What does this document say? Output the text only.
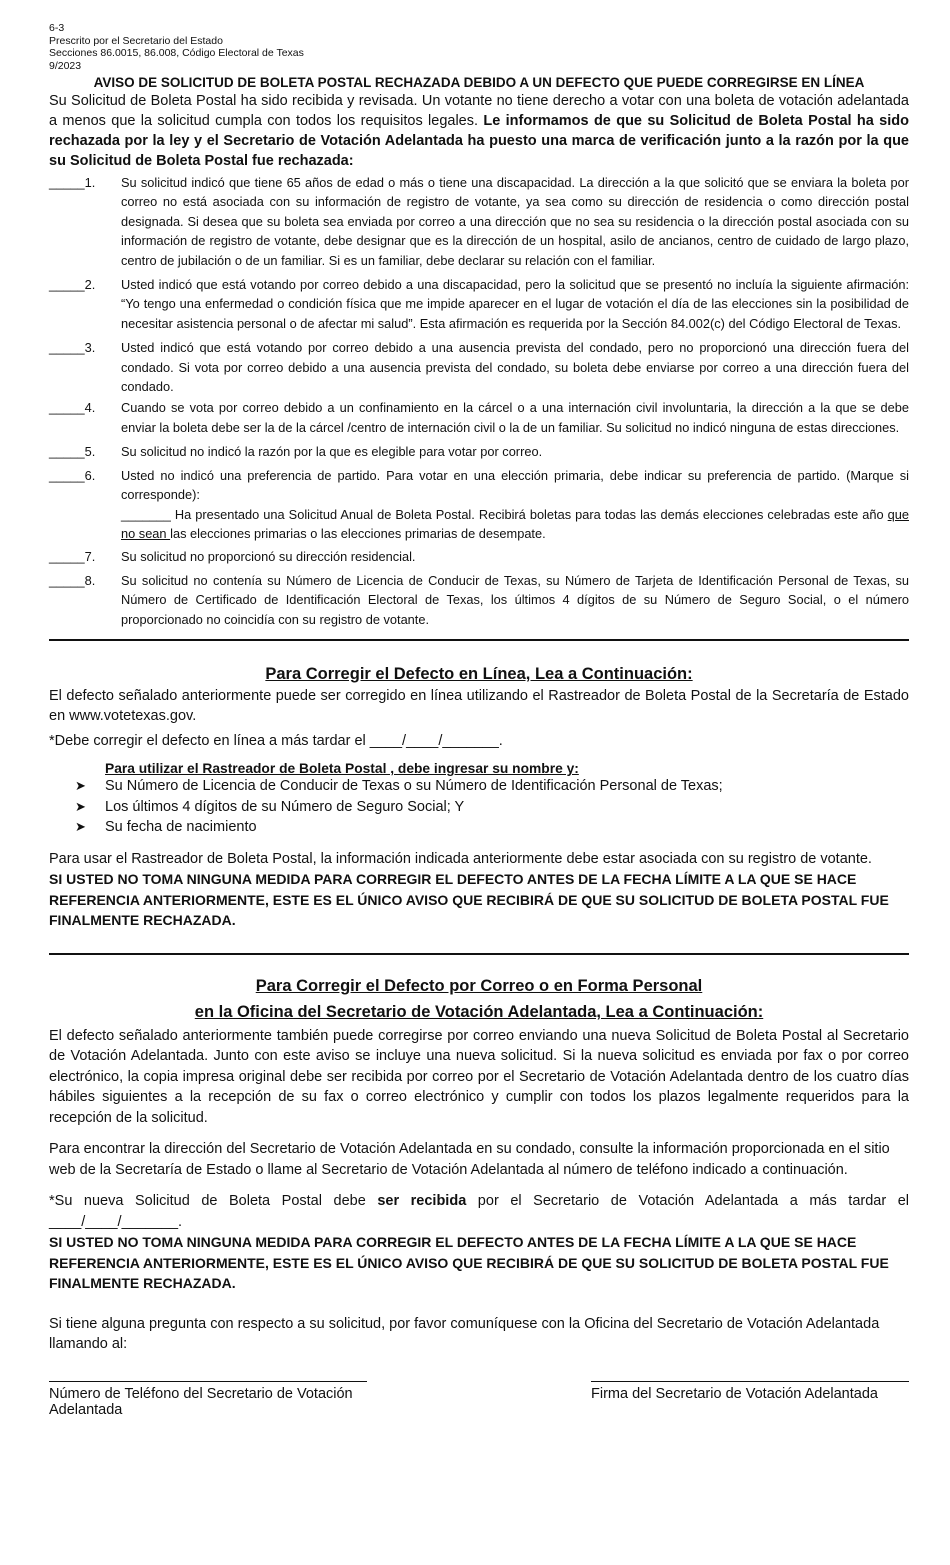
6-3
Prescrito por el Secretario del Estado
Secciones 86.0015, 86.008, Código Electoral de Texas
9/2023
AVISO DE SOLICITUD DE BOLETA POSTAL RECHAZADA DEBIDO A UN DEFECTO QUE PUEDE CORREGIRSE EN LÍNEA

Su Solicitud de Boleta Postal ha sido recibida y revisada. Un votante no tiene derecho a votar con una boleta de votación adelantada a menos que la solicitud cumpla con todos los requisitos legales. Le informamos de que su Solicitud de Boleta Postal ha sido rechazada por la ley y el Secretario de Votación Adelantada ha puesto una marca de verificación junto a la razón por la que su Solicitud de Boleta Postal fue rechazada:

_____1.	Su solicitud indicó que tiene 65 años de edad o más o tiene una discapacidad. La dirección a la que solicitó que se enviara la boleta por correo no está asociada con su información de registro de votante, ya sea como su dirección de residencia o como dirección postal designada. Si desea que su boleta sea enviada por correo a una dirección que no sea su residencia o la dirección postal asociada con su información de registro de votante, debe designar que es la dirección de un hospital, asilo de ancianos, centro de cuidado de largo plazo, centro de jubilación o de un familiar. Si es un familiar, debe declarar su relación con el familiar.
_____2.	Usted indicó que está votando por correo debido a una discapacidad, pero la solicitud que se presentó no incluía la siguiente afirmación: “Yo tengo una enfermedad o condición física que me impide aparecer en el lugar de votación el día de las elecciones sin la posibilidad de necesitar asistencia personal o de afectar mi salud”. Esta afirmación es requerida por la Sección 84.002(c) del Código Electoral de Texas.
_____3.	Usted indicó que está votando por correo debido a una ausencia prevista del condado, pero no proporcionó una dirección fuera del condado. Si vota por correo debido a una ausencia prevista del condado, su boleta debe enviarse por correo a una dirección fuera del condado.
_____4.	Cuando se vota por correo debido a un confinamiento en la cárcel o a una internación civil involuntaria, la dirección a la que se debe enviar la boleta debe ser la de la cárcel /centro de internación civil o la de un familiar. Su solicitud no indicó ninguna de estas direcciones.
_____5.	Su solicitud no indicó la razón por la que es elegible para votar por correo.
_____6.	Usted no indicó una preferencia de partido. Para votar en una elección primaria, debe indicar su preferencia de partido. (Marque si corresponde):
_______ Ha presentado una Solicitud Anual de Boleta Postal. Recibirá boletas para todas las demás elecciones celebradas este año que no sean las elecciones primarias o las elecciones primarias de desempate.
_____7.	Su solicitud no proporcionó su dirección residencial.
_____8.	Su solicitud no contenía su Número de Licencia de Conducir de Texas, su Número de Tarjeta de Identificación Personal de Texas, su Número de Certificado de Identificación Electoral de Texas, los últimos 4 dígitos de su Número de Seguro Social, o el número proporcionado no coincidía con su registro de votante.
Para Corregir el Defecto en Línea, Lea a Continuación:
El defecto señalado anteriormente puede ser corregido en línea utilizando el Rastreador de Boleta Postal de la Secretaría de Estado en www.votetexas.gov.
*Debe corregir el defecto en línea a más tardar el ____/____/_______.
Para utilizar el Rastreador de Boleta Postal , debe ingresar su nombre y:
➤	Su Número de Licencia de Conducir de Texas o su Número de Identificación Personal de Texas;
➤	Los últimos 4 dígitos de su Número de Seguro Social; Y
➤	Su fecha de nacimiento
Para usar el Rastreador de Boleta Postal, la información indicada anteriormente debe estar asociada con su registro de votante.
SI USTED NO TOMA NINGUNA MEDIDA PARA CORREGIR EL DEFECTO ANTES DE LA FECHA LÍMITE A LA QUE SE HACE REFERENCIA ANTERIORMENTE, ESTE ES EL ÚNICO AVISO QUE RECIBIRÁ DE QUE SU SOLICITUD DE BOLETA POSTAL FUE FINALMENTE RECHAZADA.
Para Corregir el Defecto por Correo o en Forma Personal
en la Oficina del Secretario de Votación Adelantada, Lea a Continuación:
El defecto señalado anteriormente también puede corregirse por correo enviando una nueva Solicitud de Boleta Postal al Secretario de Votación Adelantada. Junto con este aviso se incluye una nueva solicitud. Si la nueva solicitud es enviada por fax o por correo electrónico, la copia impresa original debe ser recibida por correo por el Secretario de Votación Adelantada dentro de los cuatro días hábiles siguientes a la recepción de su fax o correo electrónico y cumplir con todos los plazos legalmente requeridos para la recepción de la solicitud.
Para encontrar la dirección del Secretario de Votación Adelantada en su condado, consulte la información proporcionada en el sitio web de la Secretaría de Estado o llame al Secretario de Votación Adelantada al número de teléfono indicado a continuación.
*Su nueva Solicitud de Boleta Postal debe ser recibida por el Secretario de Votación Adelantada a más tardar el ____/____/_______.
SI USTED NO TOMA NINGUNA MEDIDA PARA CORREGIR EL DEFECTO ANTES DE LA FECHA LÍMITE A LA QUE SE HACE REFERENCIA ANTERIORMENTE, ESTE ES EL ÚNICO AVISO QUE RECIBIRÁ DE QUE SU SOLICITUD DE BOLETA POSTAL FUE FINALMENTE RECHAZADA.
Si tiene alguna pregunta con respecto a su solicitud, por favor comuníquese con la Oficina del Secretario de Votación Adelantada llamando al:
Número de Teléfono del Secretario de Votación Adelantada
Firma del Secretario de Votación Adelantada
